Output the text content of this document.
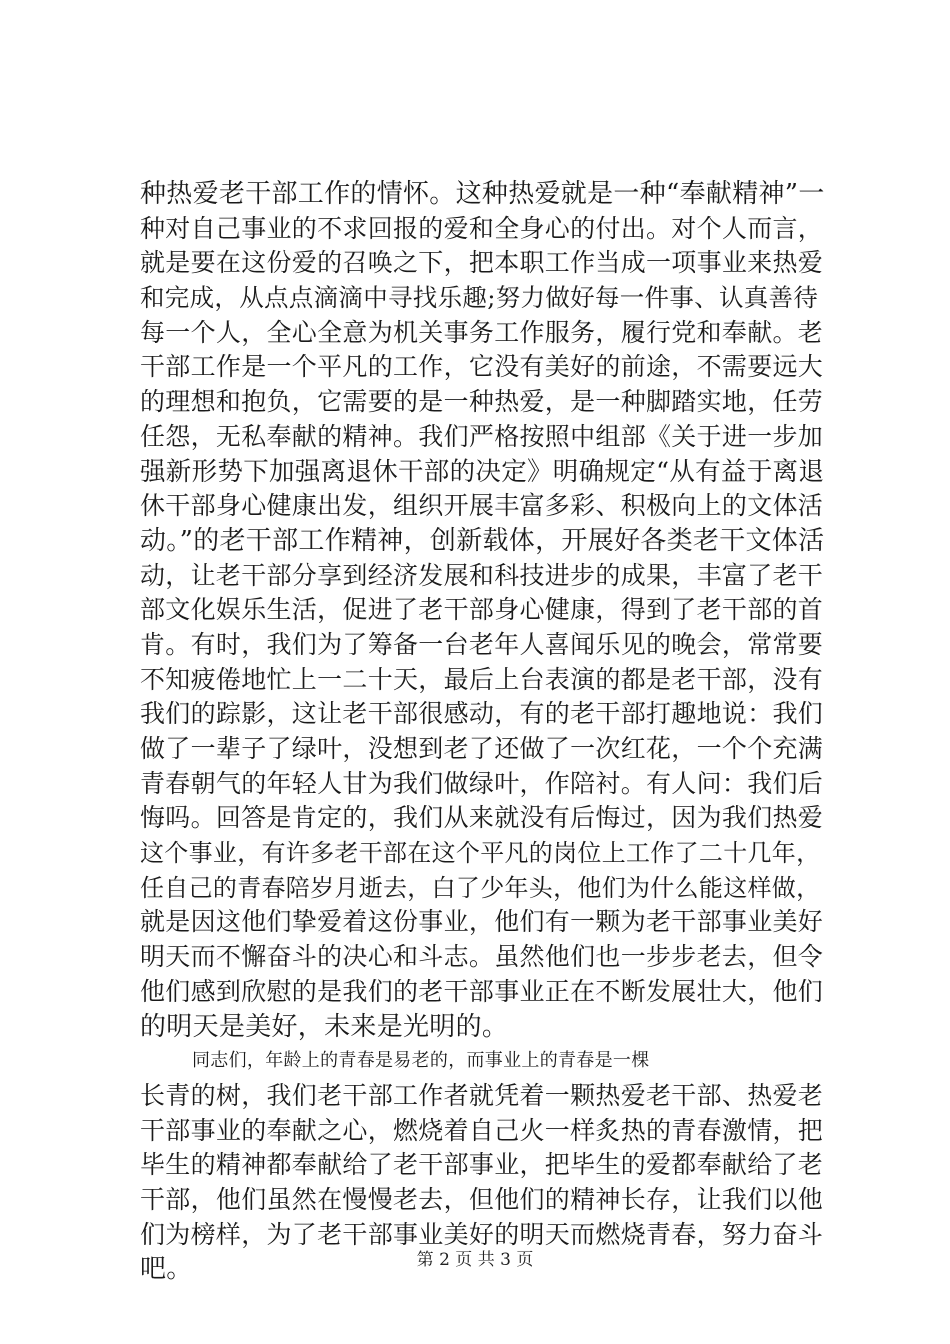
种热爱老干部工作的情怀。这种热爱就是一种“奉献精神”一
种对自己事业的不求回报的爱和全身心的付出。对个人而言，
就是要在这份爱的召唤之下，把本职工作当成一项事业来热爱
和完成，从点点滴滴中寻找乐趣;努力做好每一件事、认真善待
每一个人，全心全意为机关事务工作服务，履行党和奉献。老
干部工作是一个平凡的工作，它没有美好的前途，不需要远大
的理想和抱负，它需要的是一种热爱，是一种脚踏实地，任劳
任怨，无私奉献的精神。我们严格按照中组部《关于进一步加
强新形势下加强离退休干部的决定》明确规定“从有益于离退
休干部身心健康出发，组织开展丰富多彩、积极向上的文体活
动。”的老干部工作精神，创新载体，开展好各类老干文体活
动，让老干部分享到经济发展和科技进步的成果，丰富了老干
部文化娱乐生活，促进了老干部身心健康，得到了老干部的首
肯。有时，我们为了筹备一台老年人喜闻乐见的晚会，常常要
不知疲倦地忙上一二十天，最后上台表演的都是老干部，没有
我们的踪影，这让老干部很感动，有的老干部打趣地说：我们
做了一辈子了绿叶，没想到老了还做了一次红花，一个个充满
青春朝气的年轻人甘为我们做绿叶，作陪衬。有人问：我们后
悔吗。回答是肯定的，我们从来就没有后悔过，因为我们热爱
这个事业，有许多老干部在这个平凡的岗位上工作了二十几年，
任自己的青春陪岁月逝去，白了少年头，他们为什么能这样做，
就是因这他们挚爱着这份事业，他们有一颗为老干部事业美好
明天而不懈奋斗的决心和斗志。虽然他们也一步步老去，但令
他们感到欣慰的是我们的老干部事业正在不断发展壮大，他们
的明天是美好，未来是光明的。
同志们，年龄上的青春是易老的，而事业上的青春是一棵
长青的树，我们老干部工作者就凭着一颗热爱老干部、热爱老
干部事业的奉献之心，燃烧着自己火一样炙热的青春激情，把
毕生的精神都奉献给了老干部事业，把毕生的爱都奉献给了老
干部，他们虽然在慢慢老去，但他们的精神长存，让我们以他
们为榜样，为了老干部事业美好的明天而燃烧青春，努力奋斗
吧。	第 2 页 共 3 页
